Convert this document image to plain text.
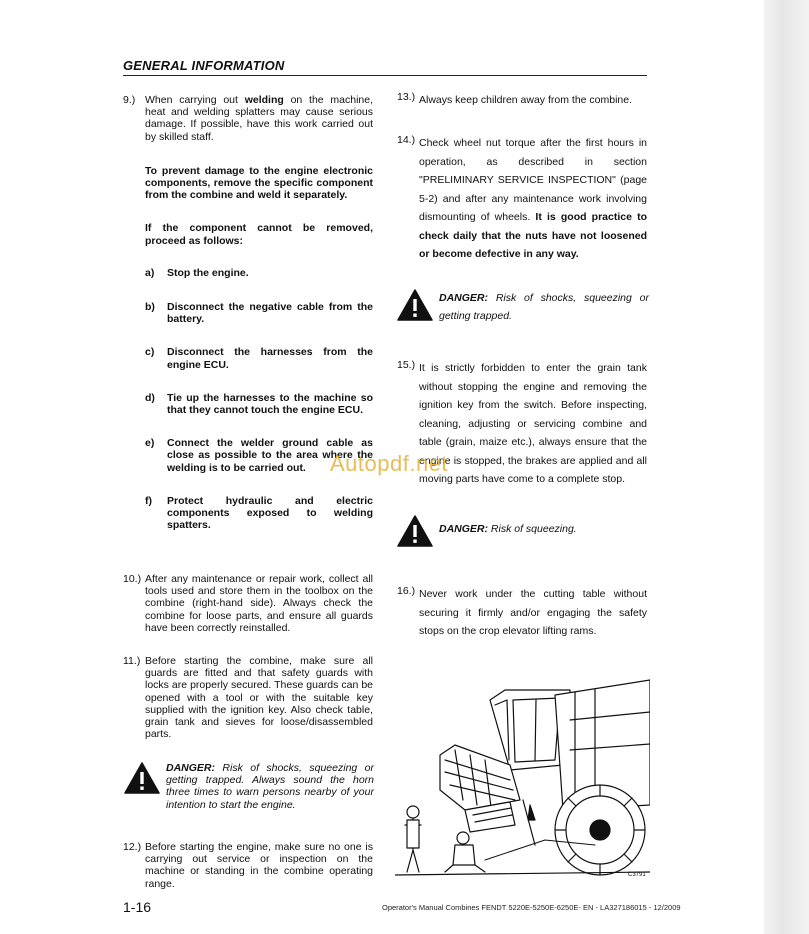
GENERAL INFORMATION
9.) When carrying out welding on the machine, heat and welding splatters may cause serious damage. If possible, have this work carried out by skilled staff.
To prevent damage to the engine electronic components, remove the specific component from the combine and weld it separately.
If the component cannot be removed, proceed as follows:
a)	Stop the engine.
b)	Disconnect the negative cable from the battery.
c)	Disconnect the harnesses from the engine ECU.
d)	Tie up the harnesses to the machine so that they cannot touch the engine ECU.
e)	Connect the welder ground cable as close as possible to the area where the welding is to be carried out.
f)	Protect hydraulic and electric components exposed to welding spatters.
10.) After any maintenance or repair work, collect all tools used and store them in the toolbox on the combine (right-hand side). Always check the combine for loose parts, and ensure all guards have been correctly reinstalled.
11.) Before starting the combine, make sure all guards are fitted and that safety guards with locks are properly secured. These guards can be opened with a tool or with the suitable key supplied with the ignition key. Also check table, grain tank and sieves for loose/disassembled parts.
DANGER: Risk of shocks, squeezing or getting trapped. Always sound the horn three times to warn persons nearby of your intention to start the engine.
12.) Before starting the engine, make sure no one is carrying out service or inspection on the machine or standing in the combine operating range.
13.) Always keep children away from the combine.
14.) Check wheel nut torque after the first hours in operation, as described in section "PRELIMINARY SERVICE INSPECTION" (page 5-2) and after any maintenance work involving dismounting of wheels. It is good practice to check daily that the nuts have not loosened or become defective in any way.
DANGER: Risk of shocks, squeezing or getting trapped.
15.) It is strictly forbidden to enter the grain tank without stopping the engine and removing the ignition key from the switch. Before inspecting, cleaning, adjusting or servicing combine and table (grain, maize etc.), always ensure that the engine is stopped, the brakes are applied and all moving parts have come to a complete stop.
DANGER: Risk of squeezing.
16.) Never work under the cutting table without securing it firmly and/or engaging the safety stops on the crop elevator lifting rams.
C3791
Autopdf.net
1-16	Operator's Manual Combines FENDT 5220E-5250E-6250E- EN - LA327186015 - 12/2009
